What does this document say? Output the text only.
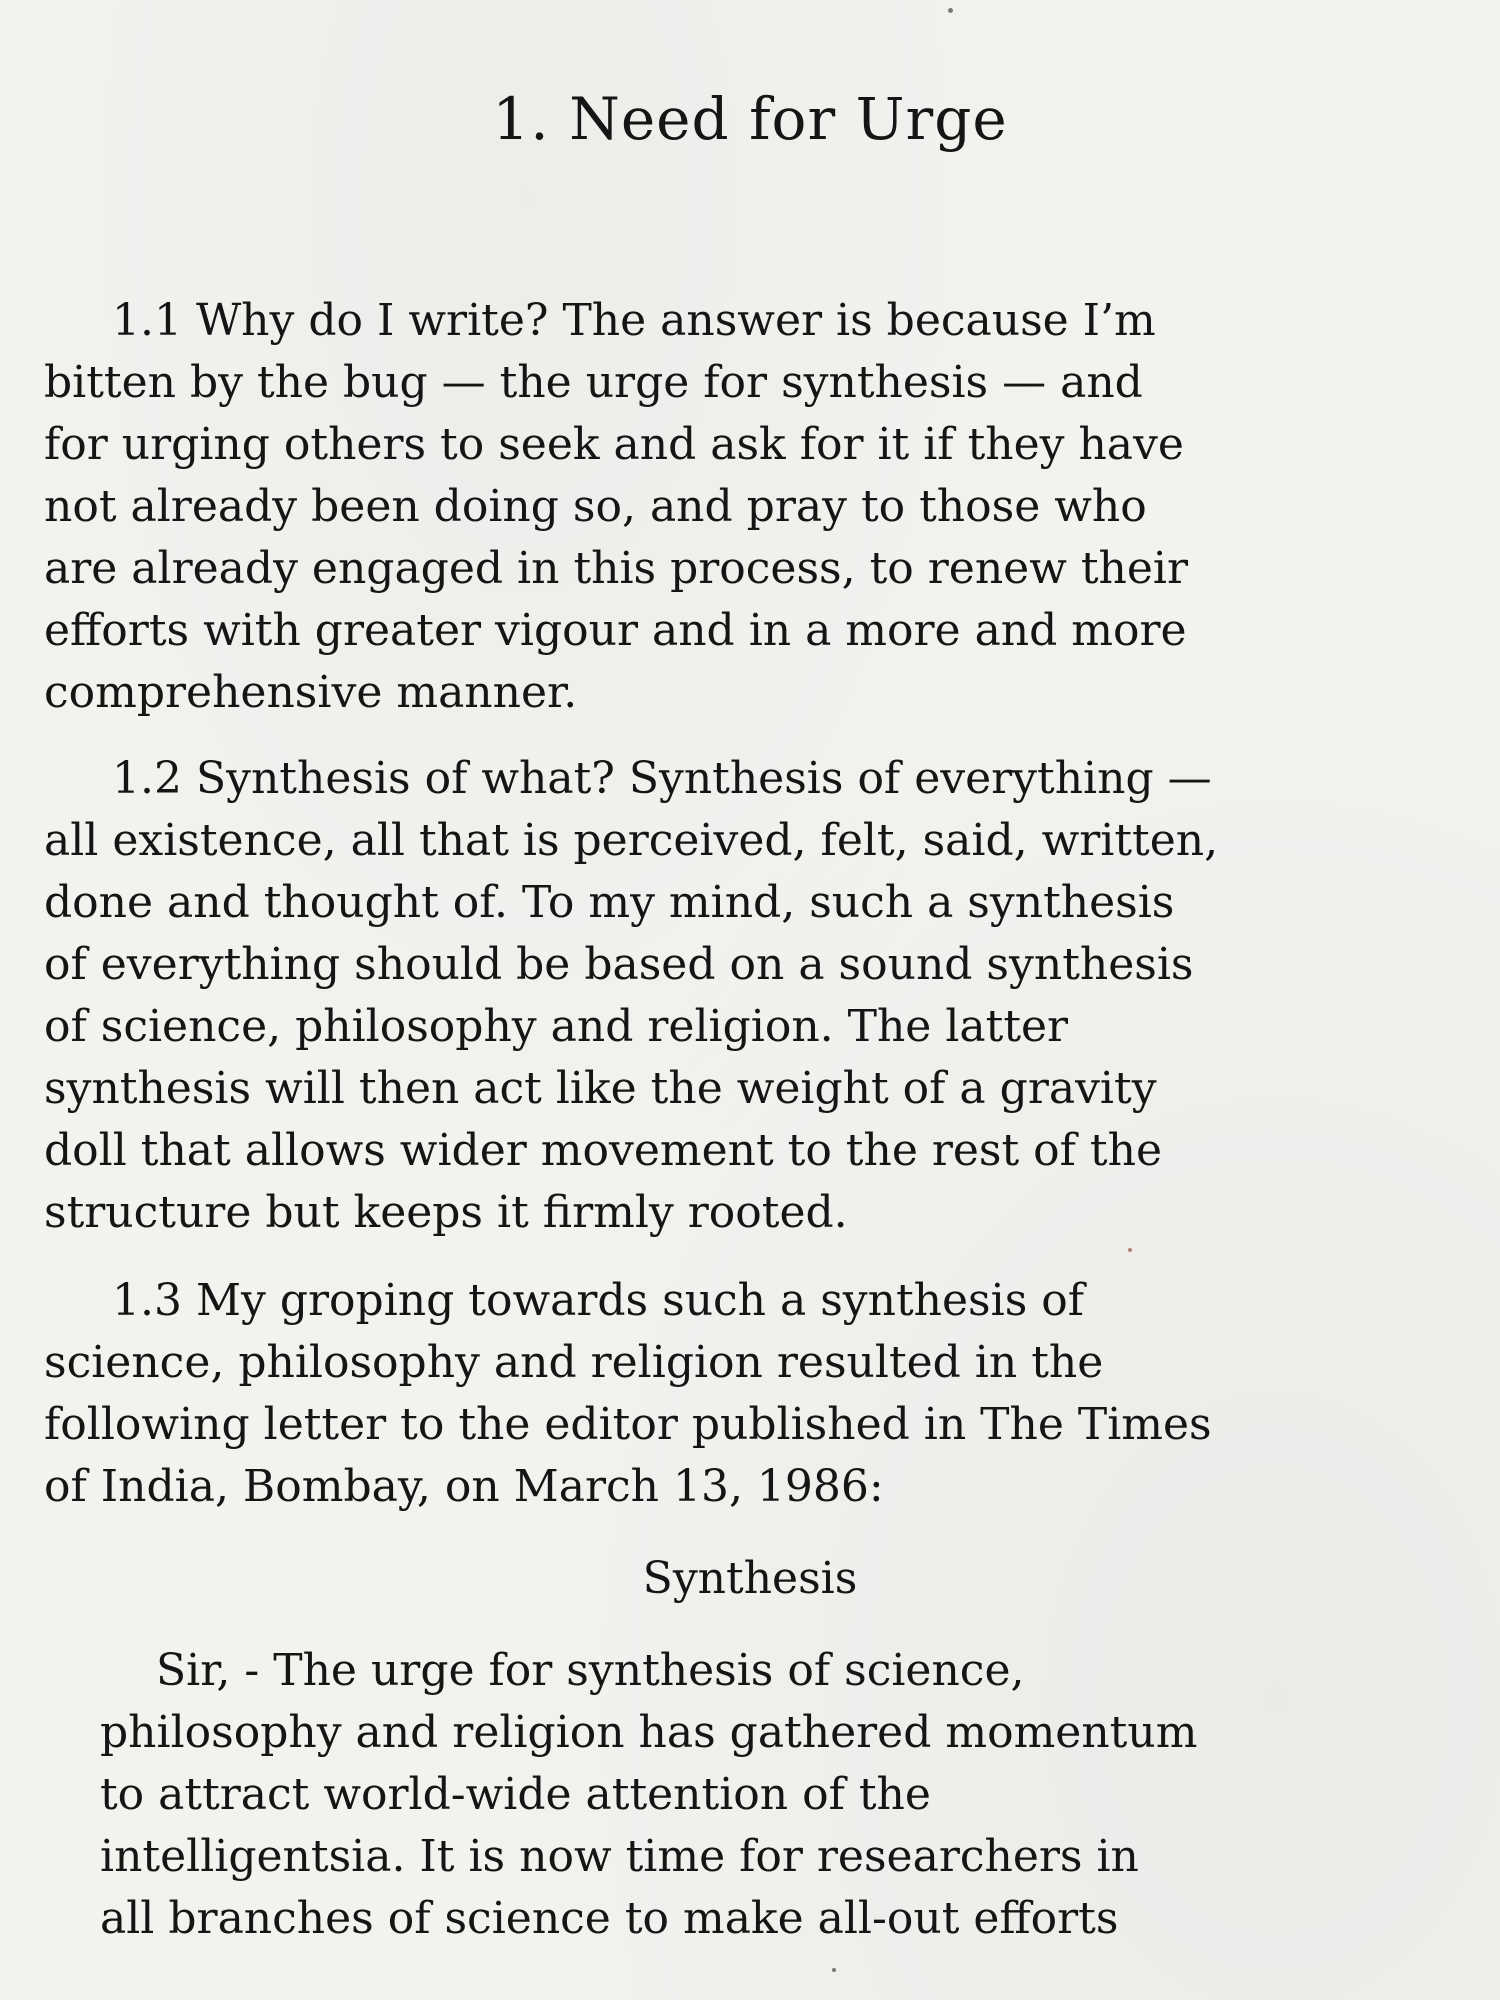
1. Need for Urge
1.1 Why do I write? The answer is because I’m
bitten by the bug — the urge for synthesis — and
for urging others to seek and ask for it if they have
not already been doing so, and pray to those who
are already engaged in this process, to renew their
efforts with greater vigour and in a more and more
comprehensive manner.
1.2 Synthesis of what? Synthesis of everything —
all existence, all that is perceived, felt, said, written,
done and thought of. To my mind, such a synthesis
of everything should be based on a sound synthesis
of science, philosophy and religion. The latter
synthesis will then act like the weight of a gravity
doll that allows wider movement to the rest of the
structure but keeps it firmly rooted.
1.3 My groping towards such a synthesis of
science, philosophy and religion resulted in the
following letter to the editor published in The Times
of India, Bombay, on March 13, 1986:
Synthesis
Sir, - The urge for synthesis of science,
philosophy and religion has gathered momentum
to attract world-wide attention of the
intelligentsia. It is now time for researchers in
all branches of science to make all-out efforts
